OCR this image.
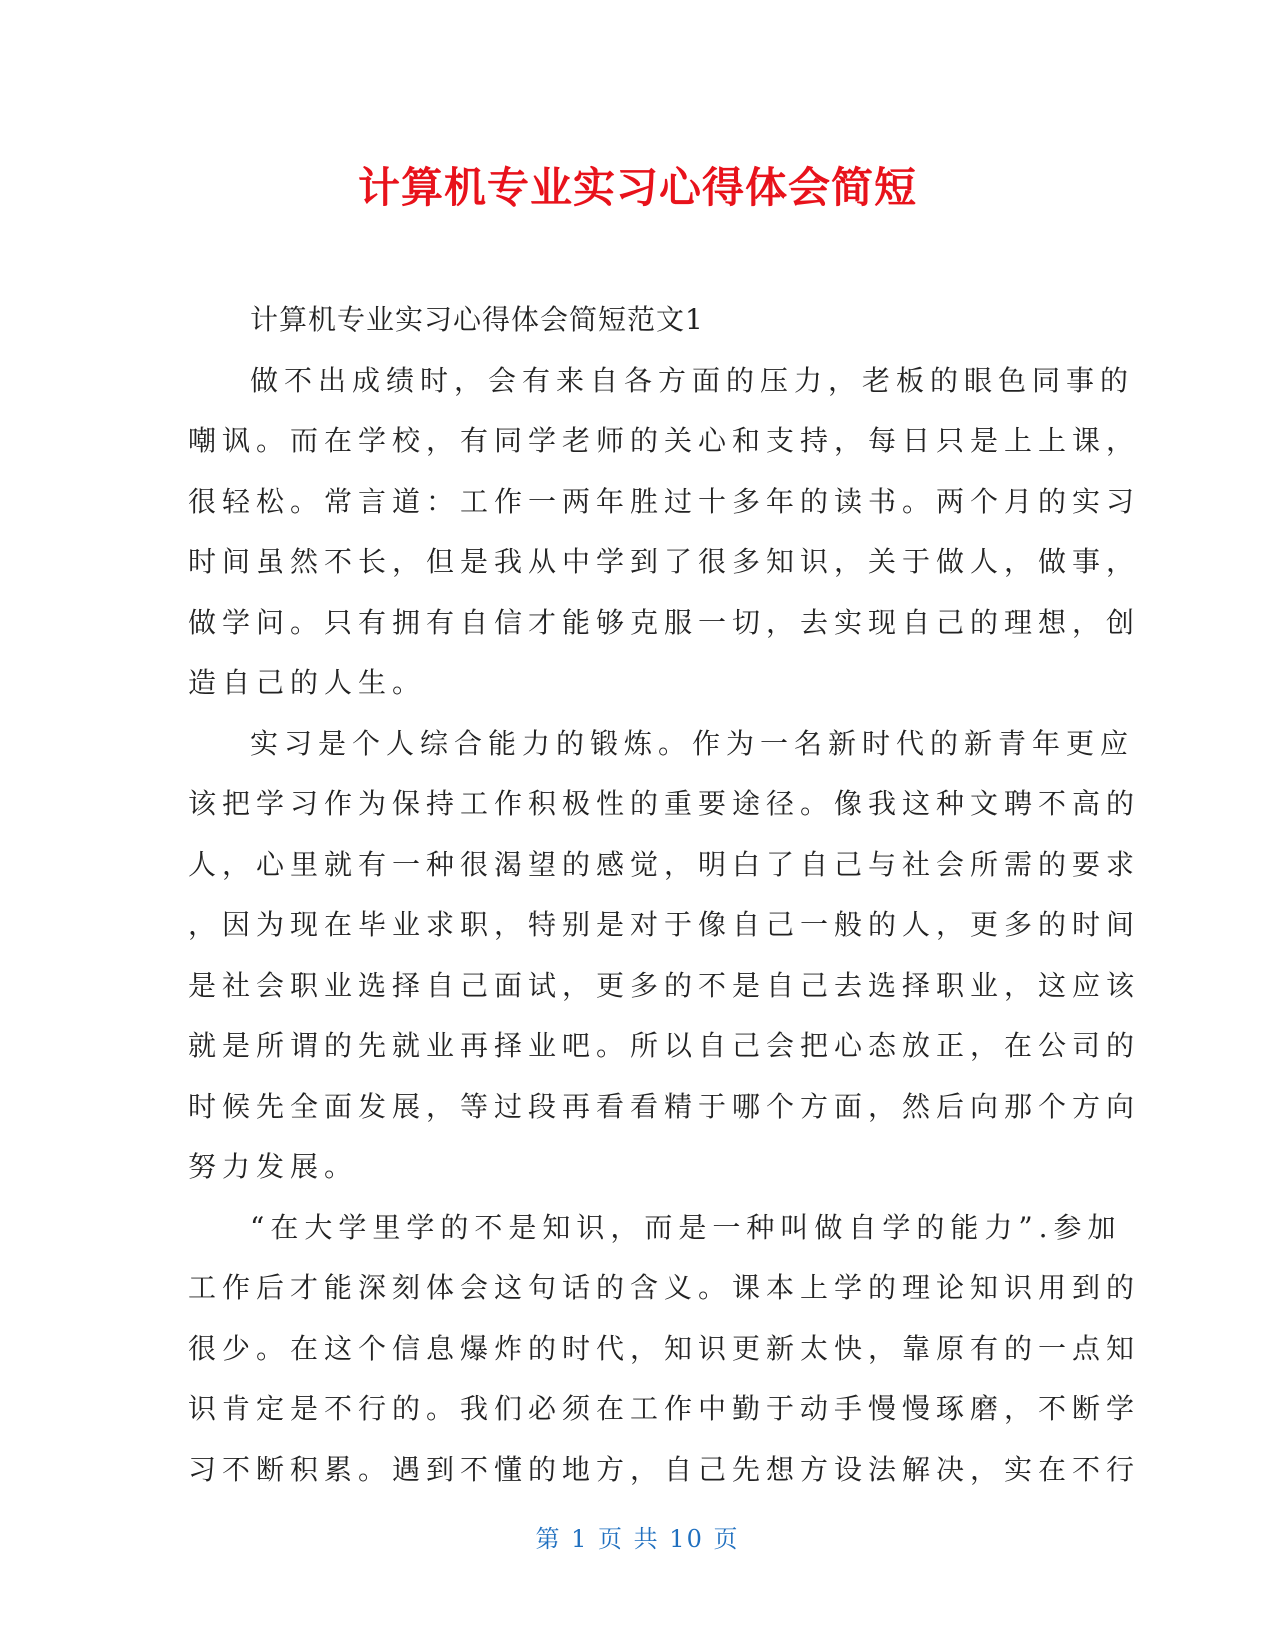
计算机专业实习心得体会简短
计算机专业实习心得体会简短范文1
做不出成绩时，会有来自各方面的压力，老板的眼色同事的
嘲讽。而在学校，有同学老师的关心和支持，每日只是上上课，
很轻松。常言道：工作一两年胜过十多年的读书。两个月的实习
时间虽然不长，但是我从中学到了很多知识，关于做人，做事，
做学问。只有拥有自信才能够克服一切，去实现自己的理想，创
造自己的人生。
实习是个人综合能力的锻炼。作为一名新时代的新青年更应
该把学习作为保持工作积极性的重要途径。像我这种文聘不高的
人，心里就有一种很渴望的感觉，明白了自己与社会所需的要求
，因为现在毕业求职，特别是对于像自己一般的人，更多的时间
是社会职业选择自己面试，更多的不是自己去选择职业，这应该
就是所谓的先就业再择业吧。所以自己会把心态放正，在公司的
时候先全面发展，等过段再看看精于哪个方面，然后向那个方向
努力发展。
“在大学里学的不是知识，而是一种叫做自学的能力”.参加
工作后才能深刻体会这句话的含义。课本上学的理论知识用到的
很少。在这个信息爆炸的时代，知识更新太快，靠原有的一点知
识肯定是不行的。我们必须在工作中勤于动手慢慢琢磨，不断学
习不断积累。遇到不懂的地方，自己先想方设法解决，实在不行
第 1 页 共 10 页
